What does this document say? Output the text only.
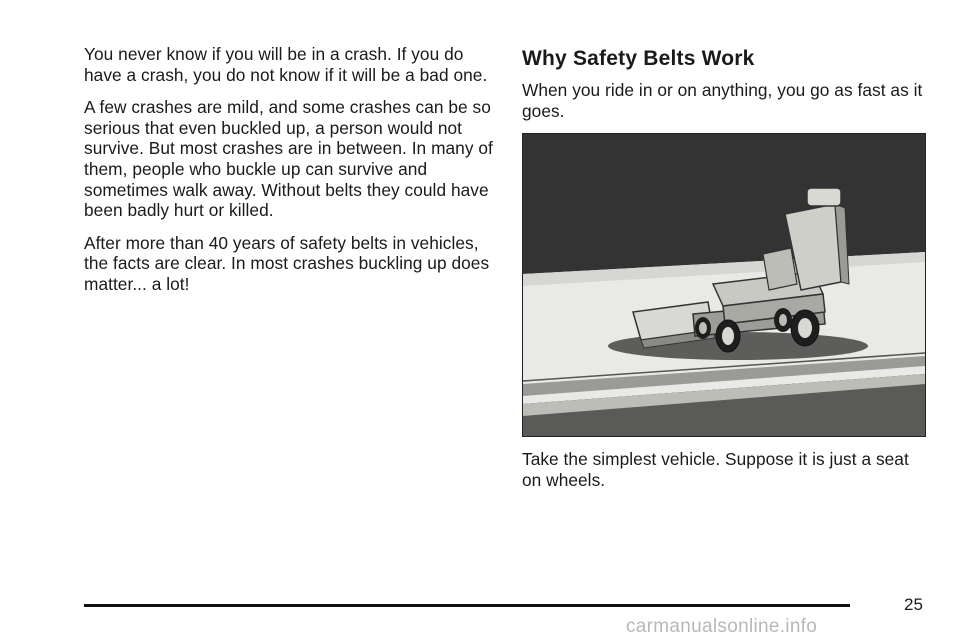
You never know if you will be in a crash. If you do have a crash, you do not know if it will be a bad one.

A few crashes are mild, and some crashes can be so serious that even buckled up, a person would not survive. But most crashes are in between. In many of them, people who buckle up can survive and sometimes walk away. Without belts they could have been badly hurt or killed.

After more than 40 years of safety belts in vehicles, the facts are clear. In most crashes buckling up does matter... a lot!

Why Safety Belts Work

When you ride in or on anything, you go as fast as it goes.

Take the simplest vehicle. Suppose it is just a seat on wheels.

25
carmanualsonline.info
